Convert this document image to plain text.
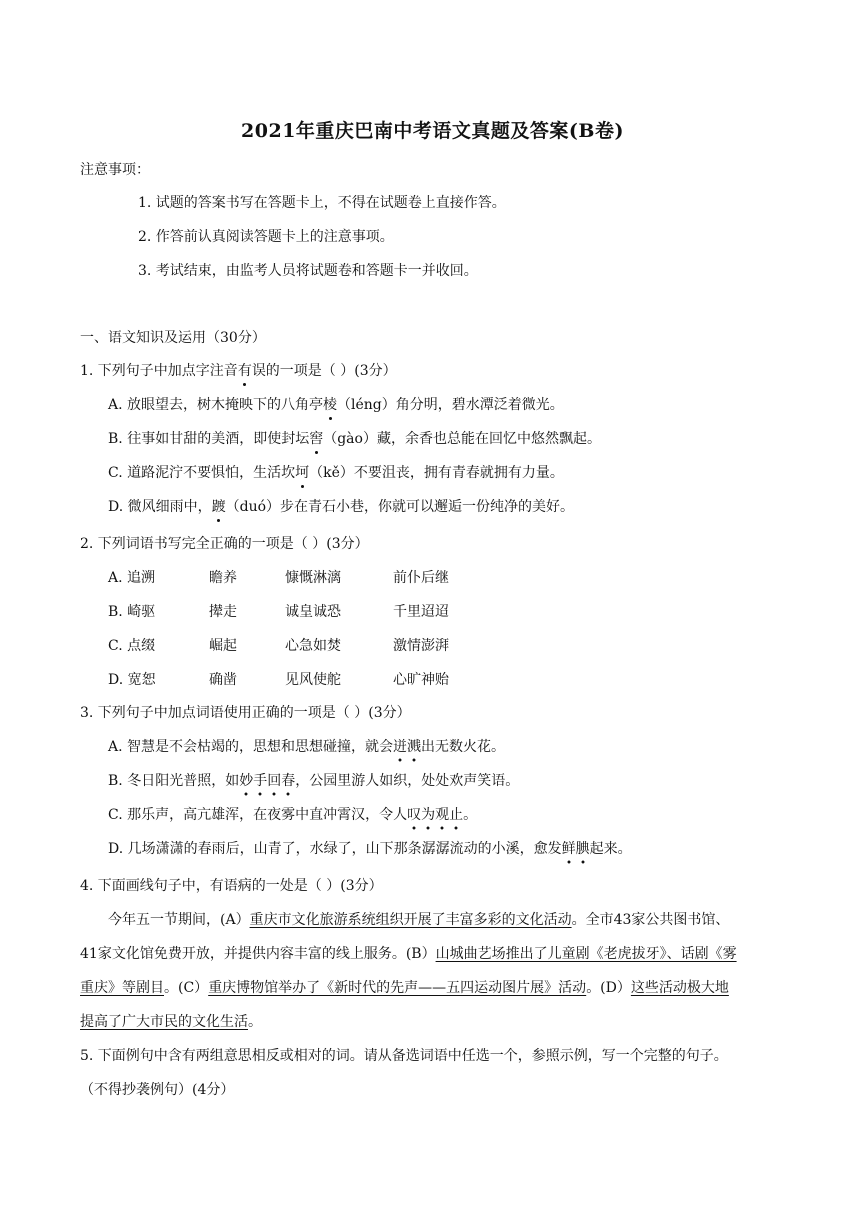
2021年重庆巴南中考语文真题及答案(B卷)
注意事项：
1. 试题的答案书写在答题卡上，不得在试题卷上直接作答。
2. 作答前认真阅读答题卡上的注意事项。
3. 考试结束，由监考人员将试题卷和答题卡一并收回。
一、语文知识及运用（30分）
1. 下列句子中加点字注音有误的一项是（ ）(3分）
A. 放眼望去，树木掩映下的八角亭棱（léng）角分明，碧水潭泛着微光。
B. 往事如甘甜的美酒，即使封坛窖（gào）藏，余香也总能在回忆中悠然飘起。
C. 道路泥泞不要惧怕，生活坎坷（kě）不要沮丧，拥有青春就拥有力量。
D. 微风细雨中，踱（duó）步在青石小巷，你就可以邂逅一份纯净的美好。
2. 下列词语书写完全正确的一项是（ ）(3分）
A. 追溯	瞻养	慷慨淋漓	前仆后继
B. 崎驱	撵走	诚皇诚恐	千里迢迢
C. 点缀	崛起	心急如焚	激情澎湃
D. 宽恕	确凿	见风使舵	心旷神贻
3. 下列句子中加点词语使用正确的一项是（ ）(3分）
A. 智慧是不会枯竭的，思想和思想碰撞，就会迸溅出无数火花。
B. 冬日阳光普照，如妙手回春，公园里游人如织，处处欢声笑语。
C. 那乐声，高亢雄浑，在夜雾中直冲霄汉，令人叹为观止。
D. 几场潇潇的春雨后，山青了，水绿了，山下那条潺潺流动的小溪，愈发鲜腆起来。
4. 下面画线句子中，有语病的一处是（ ）(3分）
今年五一节期间，(A）重庆市文化旅游系统组织开展了丰富多彩的文化活动。全市43家公共图书馆、
41家文化馆免费开放，并提供内容丰富的线上服务。(B）山城曲艺场推出了儿童剧《老虎拔牙》、话剧《雾
重庆》等剧目。(C）重庆博物馆举办了《新时代的先声——五四运动图片展》活动。(D）这些活动极大地
提高了广大市民的文化生活。
5. 下面例句中含有两组意思相反或相对的词。请从备选词语中任选一个，参照示例，写一个完整的句子。
（不得抄袭例句）(4分）
